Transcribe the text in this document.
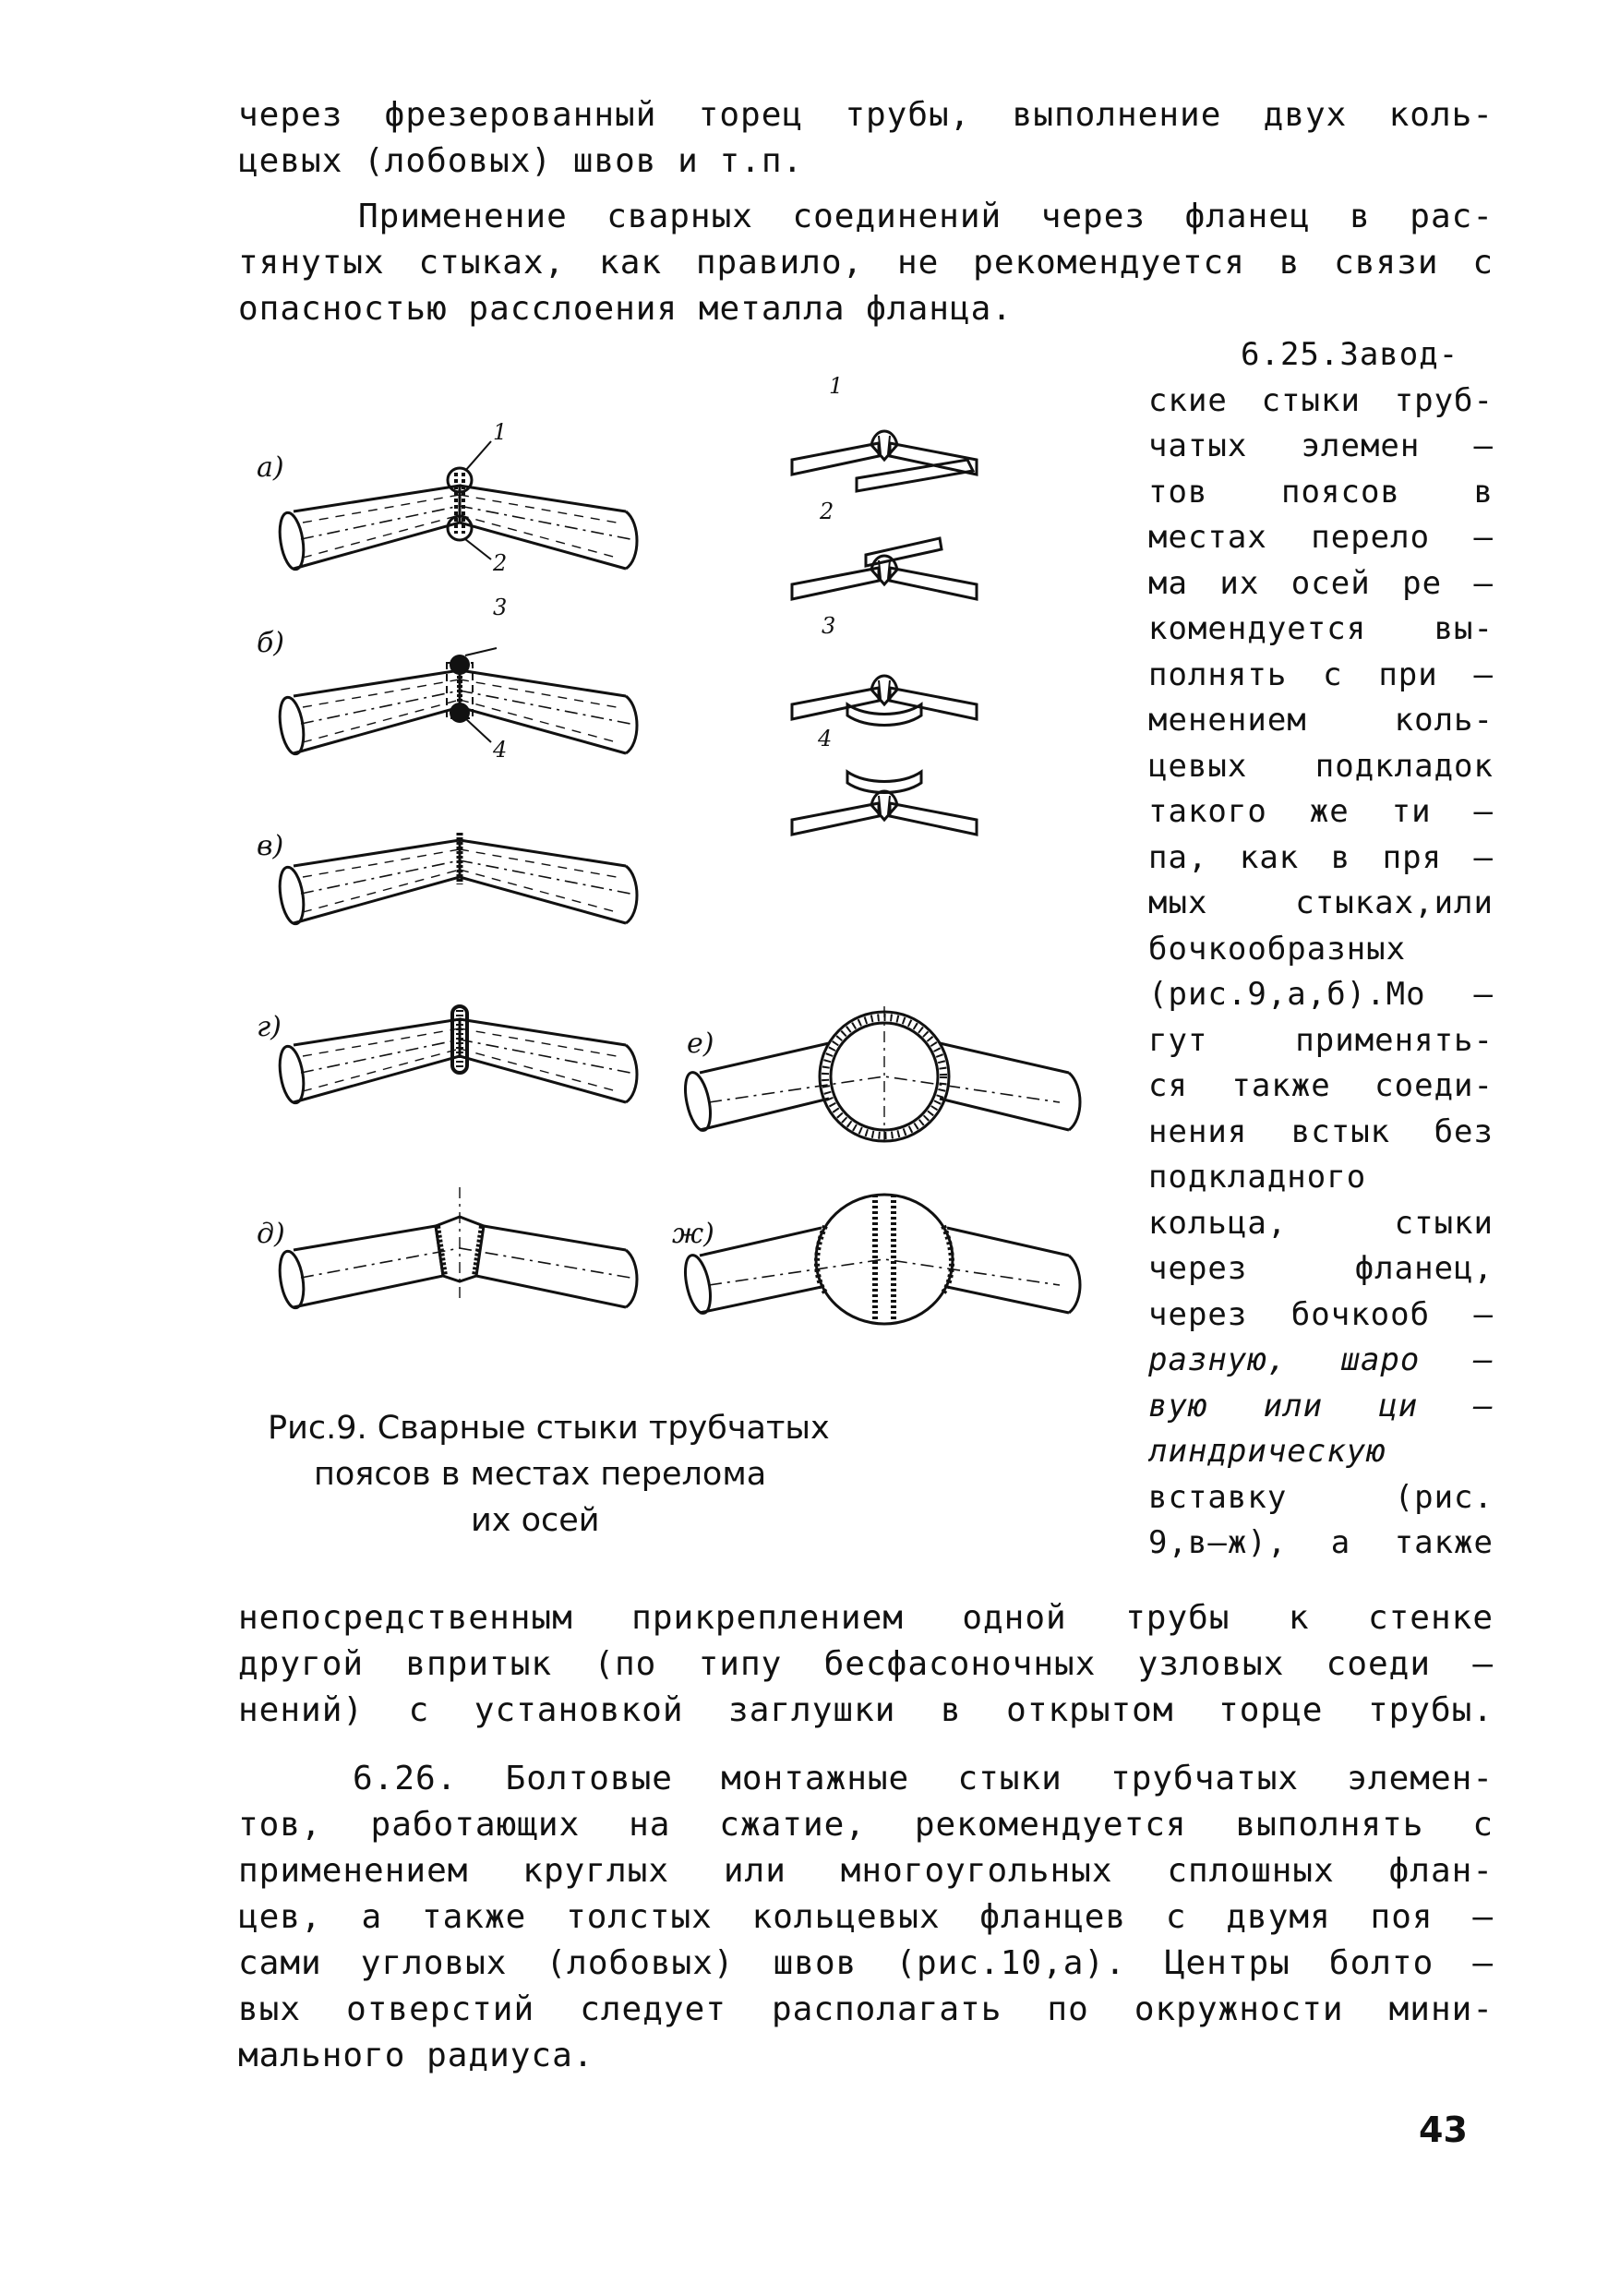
через фрезерованный торец трубы, выполнение двух коль-
цевых (лобовых) швов и т.п.
Применение сварных соединений через фланец в рас-
тянутых стыках, как правило, не рекомендуется в связи с
опасностью расслоения металла фланца.
6.25.Завод-
ские стыки труб-
чатых элемен –
тов поясов в
местах перело –
ма их осей ре –
комендуется вы-
полнять с при –
менением коль-
цевых подкладок
такого же ти –
па, как в пря –
мых стыках,или
бочкообразных
(рис.9,а,б).Мо –
гут применять-
ся также соеди-
нения встык без
подкладного
кольца, стыки
через фланец,
через бочкооб –
разную, шаро –
вую или ци –
линдрическую
вставку (рис.
9,в–ж), а также
а)
1
2
б)
3
4
в)
г)
д)
1
2
3
4
е)
ж)
Рис.9. Сварные стыки трубчатых
поясов в местах перелома
их осей
непосредственным прикреплением одной трубы к стенке
другой впритык (по типу бесфасоночных узловых соеди –
нений) с установкой заглушки в открытом торце трубы.
6.26. Болтовые монтажные стыки трубчатых элемен-
тов, работающих на сжатие, рекомендуется выполнять с
применением круглых или многоугольных сплошных флан-
цев, а также толстых кольцевых фланцев с двумя поя –
сами угловых (лобовых) швов (рис.10,а). Центры болто –
вых отверстий следует располагать по окружности мини-
мального радиуса.
43
